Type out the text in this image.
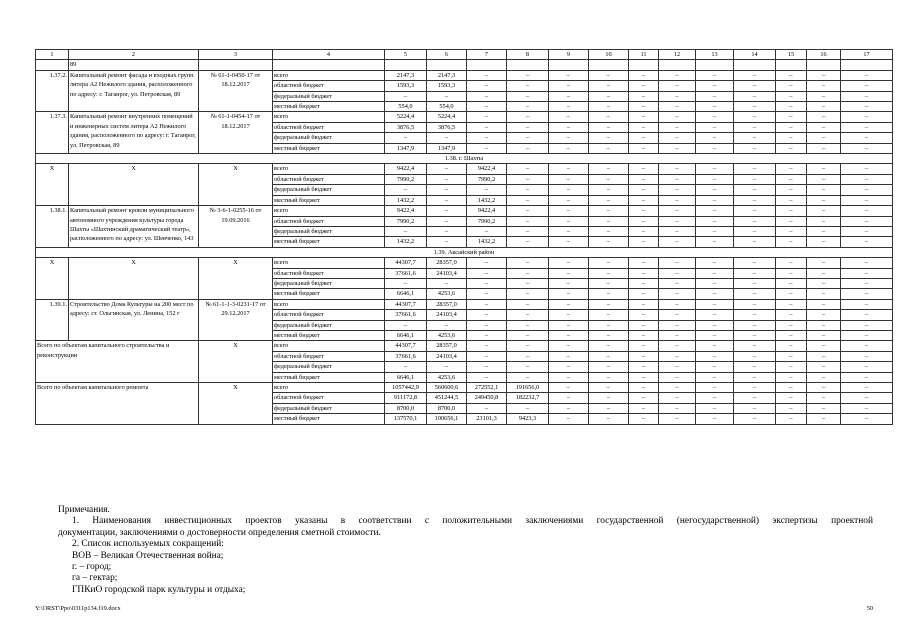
1	2	3	4	5	6	7	8	9	10	11	12	13	14	15	16	17
	89															
1.37.2.	Капитальный ремонт фасада и входных групп литера А2 Нежилого здания, расположенного по адресу: г. Таганрог, ул. Петровская, 89	№ 61-1-0450-17 от 18.12.2017	всего	2147,3	2147,3	–	–	–	–	–	–	–	–	–	–	–
			областной бюджет	1593,3	1593,3	–	–	–	–	–	–	–	–	–	–	–
			федеральный бюджет	–	–	–	–	–	–	–	–	–	–	–	–	–
			местный бюджет	554,0	554,0	–	–	–	–	–	–	–	–	–	–	–
1.37.3.	Капитальный ремонт внутренних помещений и инженерных систем литера А2 Нежилого здания, расположенного по адресу: г. Таганрог, ул. Петровская, 89	№ 61-1-0454-17 от 18.12.2017	всего	5224,4	5224,4	–	–	–	–	–	–	–	–	–	–	–
			областной бюджет	3876,5	3876,5	–	–	–	–	–	–	–	–	–	–	–
			федеральный бюджет	–	–	–	–	–	–	–	–	–	–	–	–	–
			местный бюджет	1347,9	1347,9	–	–	–	–	–	–	–	–	–	–	–
1.38. г. Шахты																
Х	Х	Х	всего	9422,4	–	9422,4	–	–	–	–	–	–	–	–	–	–
			областной бюджет	7990,2	–	7990,2	–	–	–	–	–	–	–	–	–	–
			федеральный бюджет	–	–	–	–	–	–	–	–	–	–	–	–	–
			местный бюджет	1432,2	–	1432,2	–	–	–	–	–	–	–	–	–	–
1.38.1.	Капитальный ремонт кровли муниципального автономного учреждения культуры города Шахты «Шахтинский драматический театр», расположенного по адресу: ул. Шевченко, 143	№ 3-6-1-0255-16 от 19.09.2016	всего	9422,4	–	9422,4	–	–	–	–	–	–	–	–	–	–
			областной бюджет	7990,2	–	7990,2	–	–	–	–	–	–	–	–	–	–
			федеральный бюджет	–	–	–	–	–	–	–	–	–	–	–	–	–
			местный бюджет	1432,2	–	1432,2	–	–	–	–	–	–	–	–	–	–
1.39. Аксайский район																
Х	Х	Х	всего	44307,7	28357,0	–	–	–	–	–	–	–	–	–	–	–
			областной бюджет	37661,6	24103,4	–	–	–	–	–	–	–	–	–	–	–
			федеральный бюджет	–	–	–	–	–	–	–	–	–	–	–	–	–
			местный бюджет	6646,1	4253,6	–	–	–	–	–	–	–	–	–	–	–
1.39.1.	Строительство Дома Культуры на 200 мест по адресу: ст. Ольгинская, ул. Ленина, 152 г	№ 61-1-1-3-0231-17 от 29.12.2017	всего	44307,7	28357,0	–	–	–	–	–	–	–	–	–	–	–
			областной бюджет	37661,6	24103,4	–	–	–	–	–	–	–	–	–	–	–
			федеральный бюджет	–	–	–	–	–	–	–	–	–	–	–	–	–
			местный бюджет	6646,1	4253,6	–	–	–	–	–	–	–	–	–	–	–
Всего по объектам капитального строительства и реконструкции		Х	всего	44307,7	28357,0	–	–	–	–	–	–	–	–	–	–	–
			областной бюджет	37661,6	24103,4	–	–	–	–	–	–	–	–	–	–	–
			федеральный бюджет	–	–	–	–	–	–	–	–	–	–	–	–	–
			местный бюджет	6646,1	4253,6	–	–	–	–	–	–	–	–	–	–	–
Всего по объектам капитального ремонта		Х	всего	1057442,9	560600,6	272552,1	191656,0	–	–	–	–	–	–	–	–	–
			областной бюджет	911172,8	451244,5	249450,8	182232,7	–	–	–	–	–	–	–	–	–
			федеральный бюджет	8700,0	8700,0	–	–	–	–	–	–	–	–	–	–	–
			местный бюджет	137570,1	100656,1	23101,3	9423,3	–	–	–	–	–	–	–	–	–

Примечания.

1. Наименования инвестиционных проектов указаны в соответствии с положительными заключениями государственной (негосударственной) экспертизы проектной

документации, заключениями о достоверности определения сметной стоимости.

2. Список используемых сокращений:

ВОВ – Великая Отечественная война;

г. – город;

га – гектар;

ГПКиО городской парк культуры и отдыха;

Y:\ORST\Ppo\0311p134.f19.docx	50
